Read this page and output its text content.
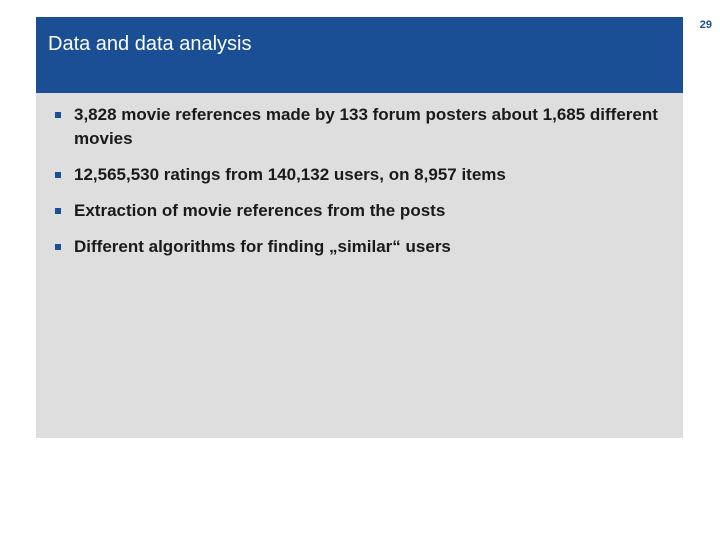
29
Data and data analysis
3,828 movie references made by 133 forum posters about 1,685 different movies
12,565,530 ratings from 140,132 users, on 8,957 items
Extraction of movie references from the posts
Different algorithms for finding „similar“ users
